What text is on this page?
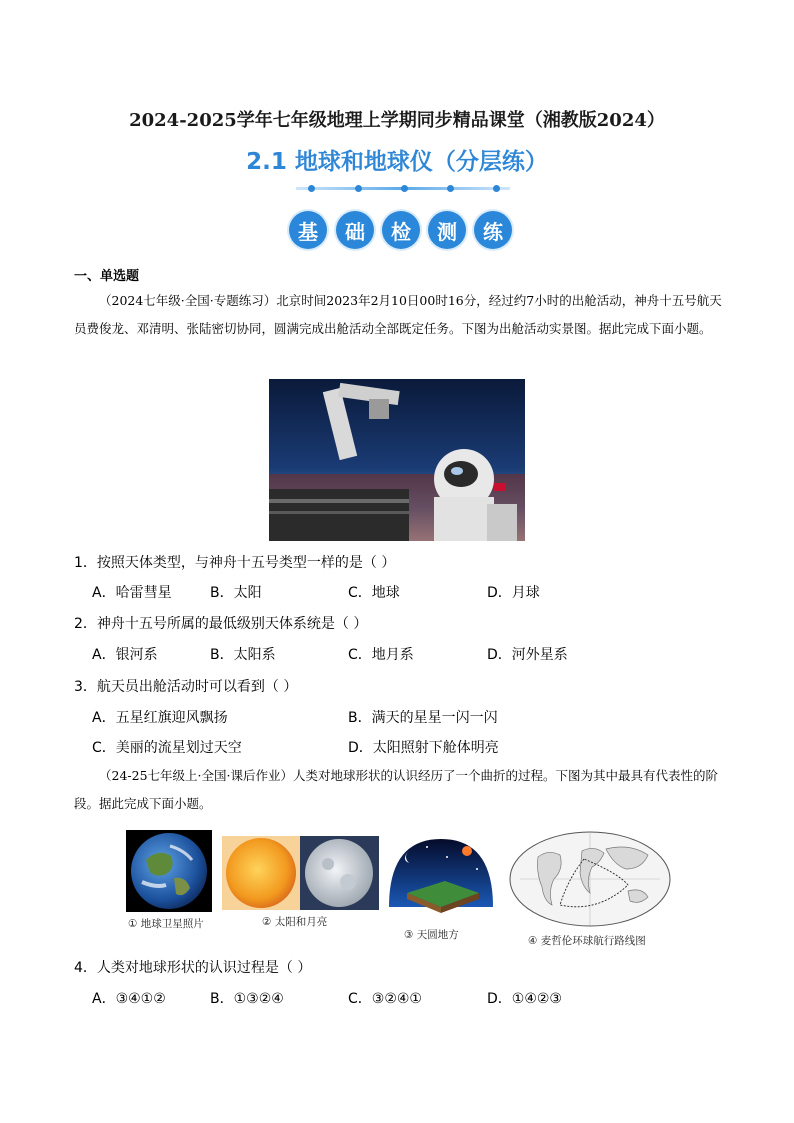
2024-2025学年七年级地理上学期同步精品课堂（湘教版2024）
2.1 地球和地球仪（分层练）
基	础	检	测	练
一、单选题
（2024七年级·全国·专题练习）北京时间2023年2月10日00时16分，经过约7小时的出舱活动，神舟十五号航天员费俊龙、邓清明、张陆密切协同，圆满完成出舱活动全部既定任务。下图为出舱活动实景图。据此完成下面小题。
1．按照天体类型，与神舟十五号类型一样的是（ ）
A．哈雷彗星	B．太阳	C．地球	D．月球
2．神舟十五号所属的最低级别天体系统是（ ）
A．银河系	B．太阳系	C．地月系	D．河外星系
3．航天员出舱活动时可以看到（ ）
A．五星红旗迎风飘扬	B．满天的星星一闪一闪
C．美丽的流星划过天空	D．太阳照射下舱体明亮
（24-25七年级上·全国·课后作业）人类对地球形状的认识经历了一个曲折的过程。下图为其中最具有代表性的阶段。据此完成下面小题。
① 地球卫星照片	② 太阳和月亮
③ 天圆地方	④ 麦哲伦环球航行路线图
4．人类对地球形状的认识过程是（ ）
A．③④①②	B．①③②④	C．③②④①	D．①④②③
